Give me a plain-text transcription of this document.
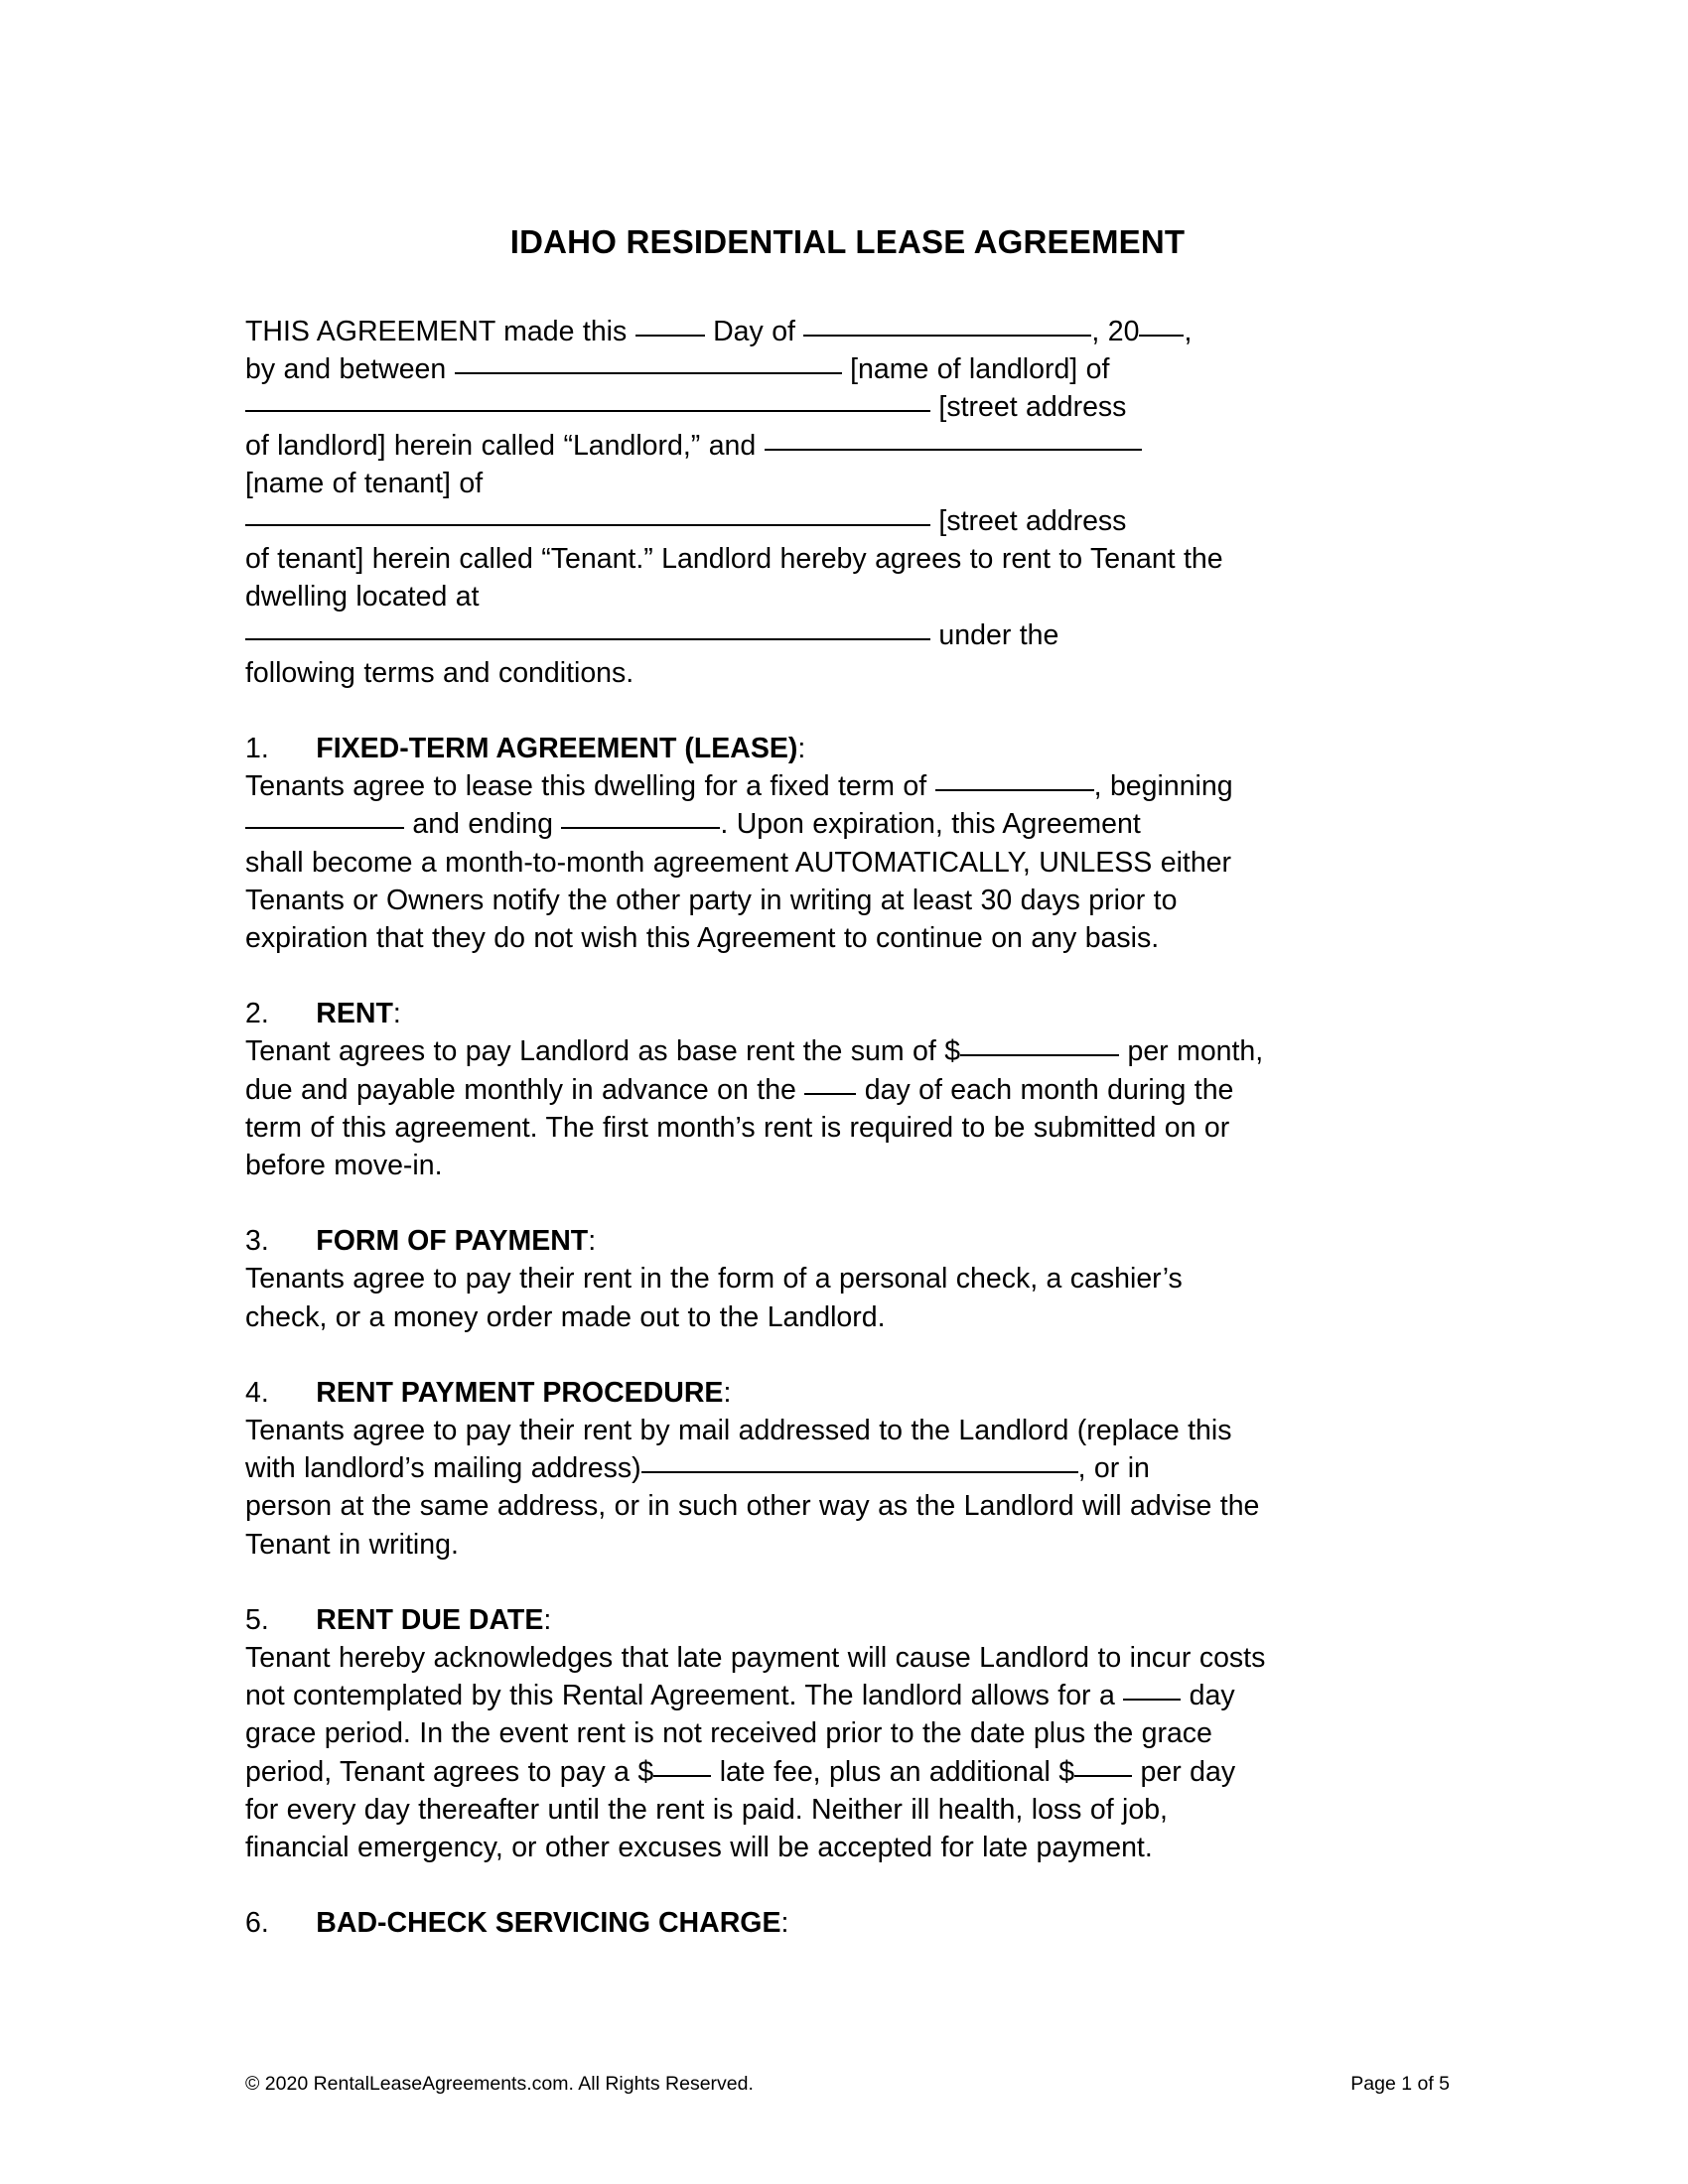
IDAHO RESIDENTIAL LEASE AGREEMENT

THIS AGREEMENT made this  Day of	, 20 ,
by and between	[name of landlord] of
[street address
of landlord] herein called “Landlord,” and
[name of tenant] of
[street address
of tenant] herein called “Tenant.” Landlord hereby agrees to rent to Tenant the
dwelling located at
under the
following terms and conditions.

1. FIXED-TERM AGREEMENT (LEASE):

Tenants agree to lease this dwelling for a fixed term of	, beginning
and ending	. Upon expiration, this Agreement
shall become a month-to-month agreement AUTOMATICALLY, UNLESS either
Tenants or Owners notify the other party in writing at least 30 days prior to
expiration that they do not wish this Agreement to continue on any basis.

2. RENT:

Tenant agrees to pay Landlord as base rent the sum of $	per month,
due and payable monthly in advance on the  day of each month during the
term of this agreement. The first month’s rent is required to be submitted on or
before move-in.

3. FORM OF PAYMENT:

Tenants agree to pay their rent in the form of a personal check, a cashier’s
check, or a money order made out to the Landlord.

4. RENT PAYMENT PROCEDURE:

Tenants agree to pay their rent by mail addressed to the Landlord (replace this
with landlord’s mailing address)	, or in
person at the same address, or in such other way as the Landlord will advise the
Tenant in writing.

5. RENT DUE DATE:

Tenant hereby acknowledges that late payment will cause Landlord to incur costs
not contemplated by this Rental Agreement. The landlord allows for a  day
grace period. In the event rent is not received prior to the date plus the grace
period, Tenant agrees to pay a $ late fee, plus an additional $ per day
for every day thereafter until the rent is paid. Neither ill health, loss of job,
financial emergency, or other excuses will be accepted for late payment.

6. BAD-CHECK SERVICING CHARGE:

© 2020 RentalLeaseAgreements.com. All Rights Reserved.	Page 1 of 5
